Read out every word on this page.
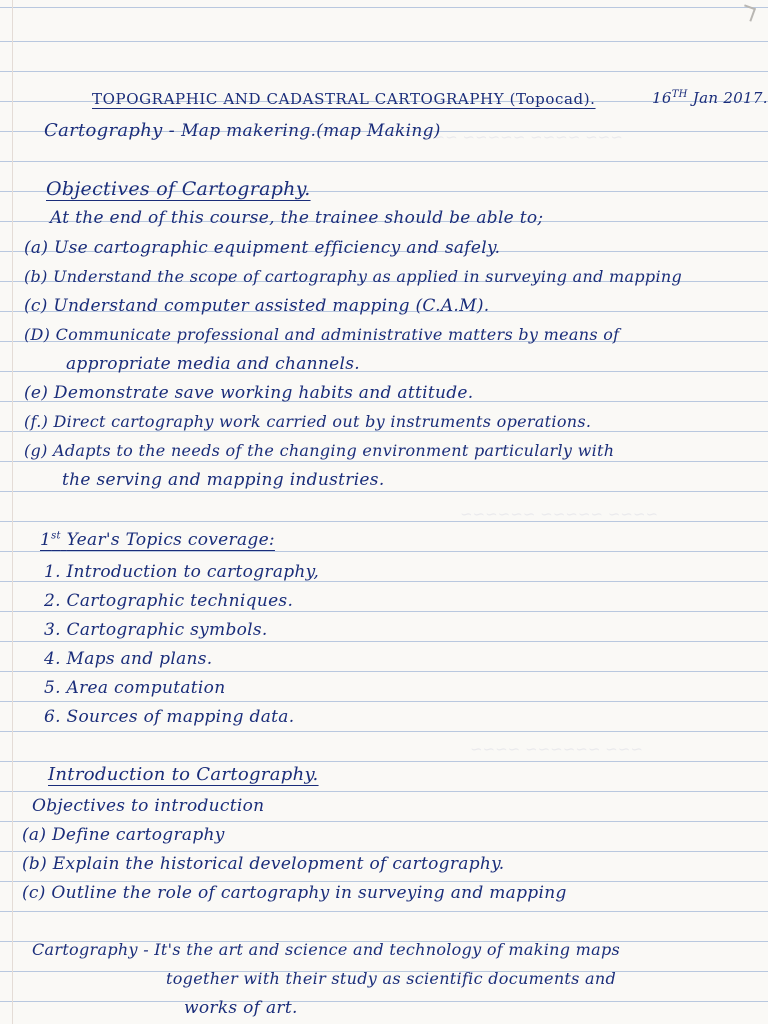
~~~ ~~~~ ~~~~~ ~~~
~~~~ ~~~~~ ~~~~~~
~~~ ~~~~~~ ~~~~
TOPOGRAPHIC AND CADASTRAL CARTOGRAPHY (Topocad).	16TH Jan 2017.
Cartography - Map makering.(map Making)
Objectives of Cartography.
At the end of this course, the trainee should be able to;
(a) Use cartographic equipment efficiency and safely.
(b) Understand the scope of cartography as applied in surveying and mapping
(c) Understand computer assisted mapping (C.A.M).
(D) Communicate professional and administrative matters by means of
appropriate media and channels.
(e) Demonstrate save working habits and attitude.
(f.) Direct cartography work carried out by instruments operations.
(g) Adapts to the needs of the changing environment particularly with
the serving and mapping industries.
1st Year's Topics coverage:
1. Introduction to cartography,
2. Cartographic techniques.
3. Cartographic symbols.
4. Maps and plans.
5. Area computation
6. Sources of mapping data.
Introduction to Cartography.
Objectives to introduction
(a) Define cartography
(b) Explain the historical development of cartography.
(c) Outline the role of cartography in surveying and mapping
Cartography - It's the art and science and technology of making maps
together with their study as scientific documents and
works of art.
